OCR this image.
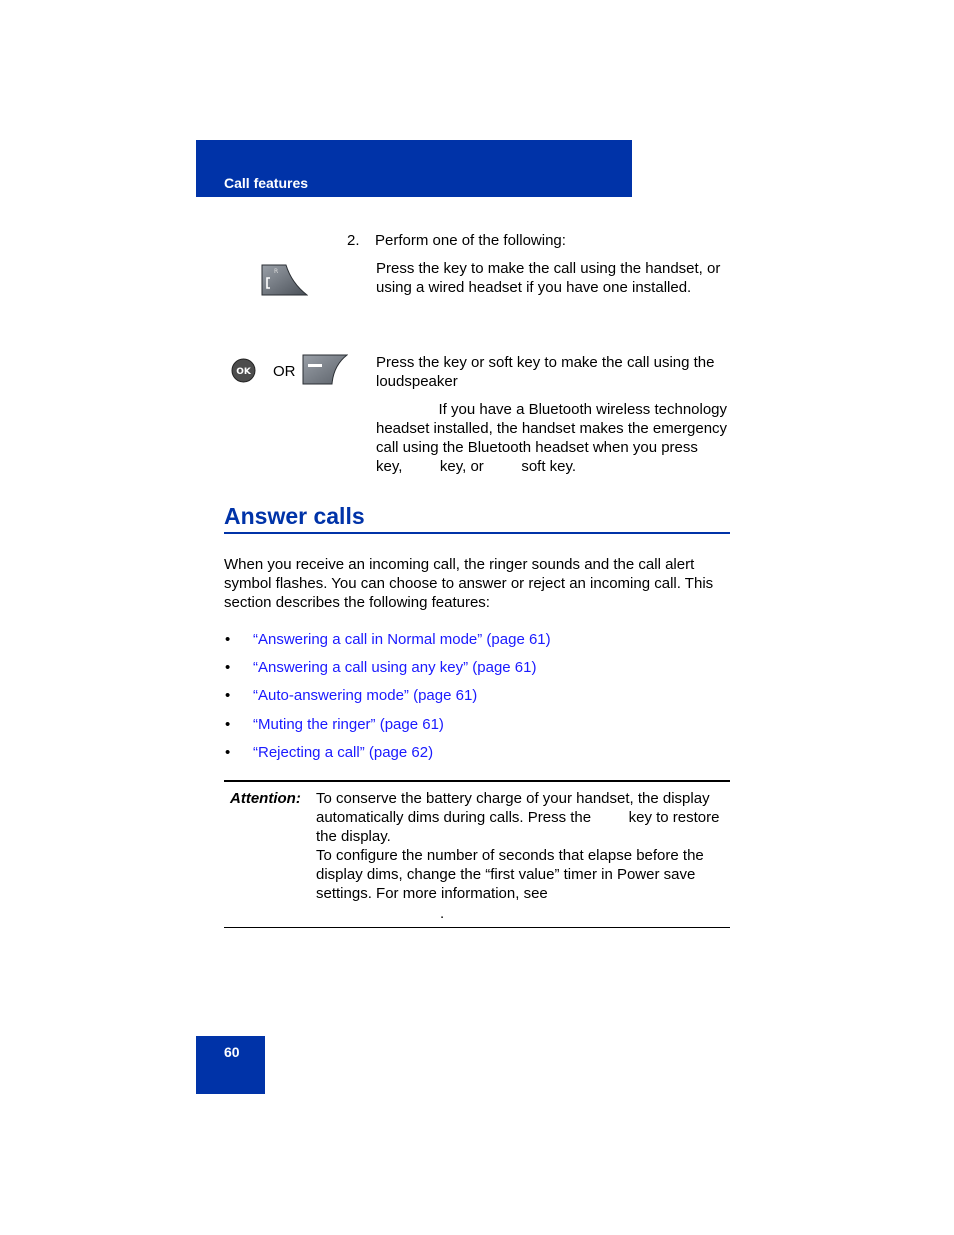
Call features
2. Perform one of the following:
R	Press the key to make the call using the handset, or using a wired headset if you have one installed.
OK OR
Press the key or soft key to make the call using the loudspeaker
If you have a Bluetooth wireless technology headset installed, the handset makes the emergency call using the Bluetooth headset when you press         key,         key, or         soft key.
Answer calls
When you receive an incoming call, the ringer sounds and the call alert symbol flashes. You can choose to answer or reject an incoming call. This section describes the following features:
• “Answering a call in Normal mode” (page 61)
• “Answering a call using any key” (page 61)
• “Auto-answering mode” (page 61)
• “Muting the ringer” (page 61)
• “Rejecting a call” (page 62)
Attention: To conserve the battery charge of your handset, the display automatically dims during calls. Press the         key to restore the display.
To configure the number of seconds that elapse before the display dims, change the “first value” timer in Power save settings. For more information, see
.
60
